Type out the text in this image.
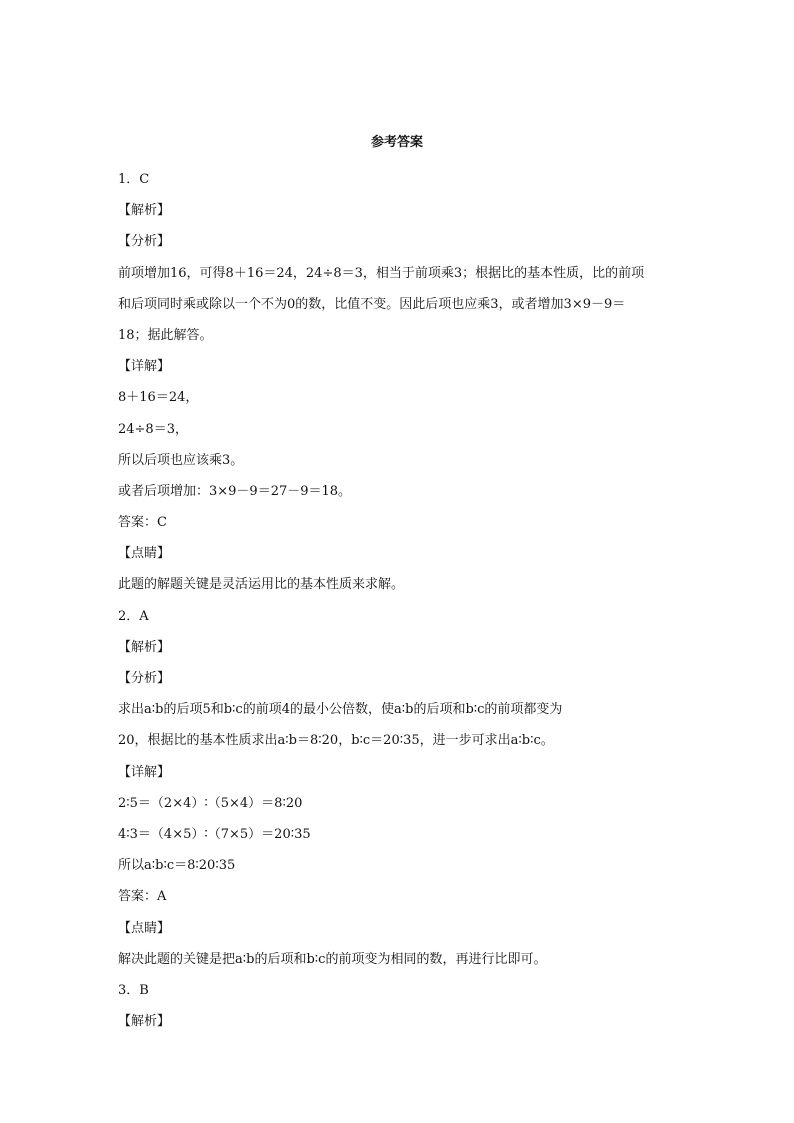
参考答案
1．C
【解析】
【分析】
前项增加16，可得8＋16＝24，24÷8＝3，相当于前项乘3；根据比的基本性质，比的前项
和后项同时乘或除以一个不为0的数，比值不变。因此后项也应乘3，或者增加3×9－9＝
18；据此解答。
【详解】
8＋16＝24，
24÷8＝3，
所以后项也应该乘3。
或者后项增加：3×9－9＝27－9＝18。
答案：C
【点睛】
此题的解题关键是灵活运用比的基本性质来求解。
2．A
【解析】
【分析】
求出a∶b的后项5和b∶c的前项4的最小公倍数，使a∶b的后项和b∶c的前项都变为
20，根据比的基本性质求出a∶b＝8∶20，b∶c＝20∶35，进一步可求出a∶b∶c。
【详解】
2∶5＝（2×4）∶（5×4）＝8∶20
4∶3＝（4×5）∶（7×5）＝20∶35
所以a∶b∶c＝8∶20∶35
答案：A
【点睛】
解决此题的关键是把a∶b的后项和b∶c的前项变为相同的数，再进行比即可。
3．B
【解析】
